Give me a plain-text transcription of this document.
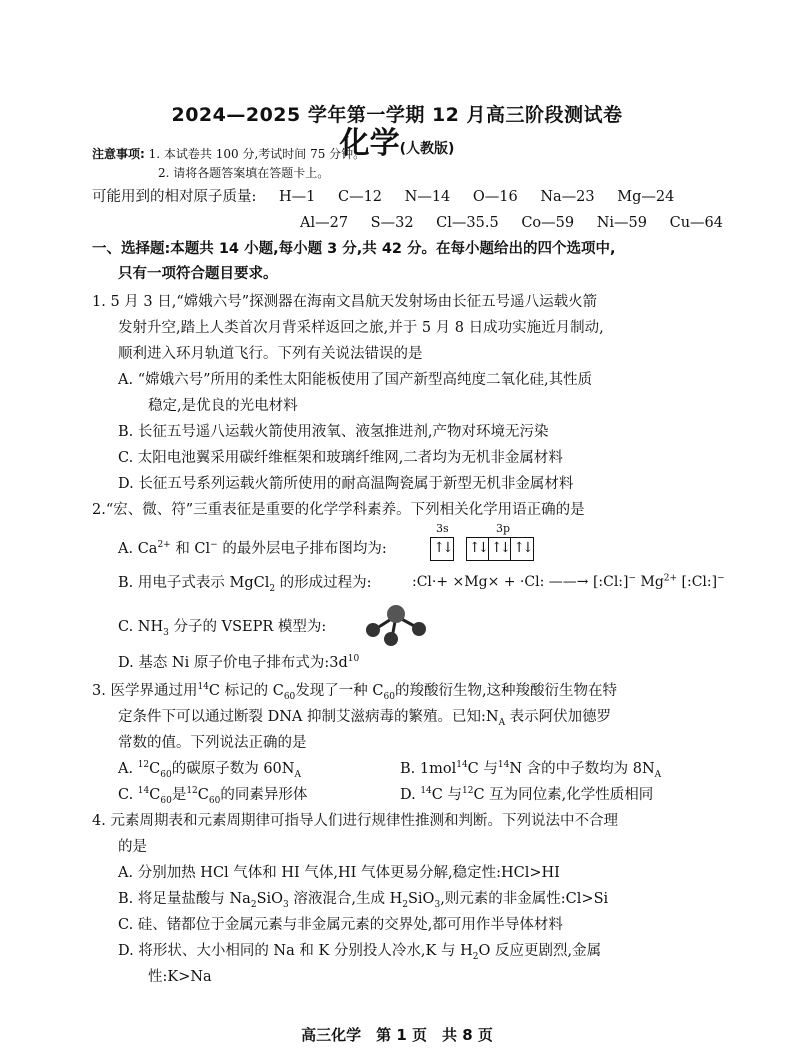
2024—2025 学年第一学期 12 月高三阶段测试卷
化学(人教版)
注意事项: 1. 本试卷共 100 分,考试时间 75 分钟。
2. 请将各题答案填在答题卡上。
可能用到的相对原子质量: H—1 C—12 N—14 O—16 Na—23 Mg—24
Al—27 S—32 Cl—35.5 Co—59 Ni—59 Cu—64
一、选择题:本题共 14 小题,每小题 3 分,共 42 分。在每小题给出的四个选项中,
只有一项符合题目要求。
1. 5 月 3 日,“嫦娥六号”探测器在海南文昌航天发射场由长征五号遥八运载火箭
发射升空,踏上人类首次月背采样返回之旅,并于 5 月 8 日成功实施近月制动,
顺利进入环月轨道飞行。下列有关说法错误的是
A. “嫦娥六号”所用的柔性太阳能板使用了国产新型高纯度二氧化硅,其性质
稳定,是优良的光电材料
B. 长征五号遥八运载火箭使用液氧、液氢推进剂,产物对环境无污染
C. 太阳电池翼采用碳纤维框架和玻璃纤维网,二者均为无机非金属材料
D. 长征五号系列运载火箭所使用的耐高温陶瓷属于新型无机非金属材料
2.“宏、微、符”三重表征是重要的化学学科素养。下列相关化学用语正确的是
A. $Ca^{2+}$ 和 Cl− 的最外层电子排布图均为:
3s	3p
↑↓ ↑↓ ↑↓ ↑↓
B. 用电子式表示 MgCl$_2$ 的形成过程为:	:Cl·+ ×Mg× + ·Cl: ——→ [:Cl:]− $Mg^{2+}$ [:Cl:]−
C. $NH_3$ 分子的 VSEPR 模型为:
D. 基态 Ni 原子价电子排布式为$:3d^{10}$
3. 医学界通过用$^{14}$C 标记的 $C_{60}$发现了一种 $C_{60}$的羧酸衍生物,这种羧酸衍生物在特
定条件下可以通过断裂 DNA 抑制艾滋病毒的繁殖。已知$:N_A$ 表示阿伏加德罗
常数的值。下列说法正确的是
A. $^{12}C_{60}$的碳原子数为 $60N_A$	B. 1mol$^{14}$C 与$^{14}$N 含的中子数均为 $8N_A$
C. $^{14}C_{60}$是$^{12}C_{60}$的同素异形体	D. $^{14}$C 与$^{12}$C 互为同位素,化学性质相同
4. 元素周期表和元素周期律可指导人们进行规律性推测和判断。下列说法中不合理
的是
A. 分别加热 HCl 气体和 HI 气体,HI 气体更易分解,稳定性:HCl>HI
B. 将足量盐酸与 $Na_2SiO_3$ 溶液混合,生成 $H_2SiO_3$,则元素的非金属性:Cl>Si
C. 硅、锗都位于金属元素与非金属元素的交界处,都可用作半导体材料
D. 将形状、大小相同的 Na 和 K 分别投人冷水,K 与 $H_2O$ 反应更剧烈,金属
性:K>Na
高三化学　第 1 页　共 8 页
